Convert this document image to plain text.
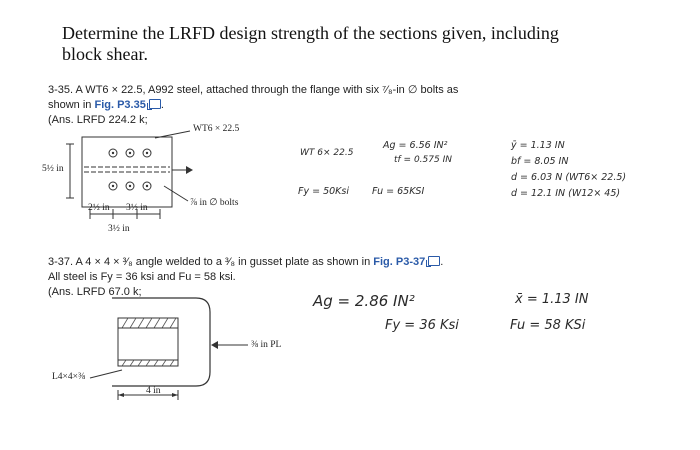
Determine the LRFD design strength of the sections given, including
block shear.
3-35. A WT6 × 22.5, A992 steel, attached through the flange with six ⁷⁄₈-in ∅ bolts as
shown in Fig. P3.35 .
(Ans. LRFD 224.2 k;
WT6 × 22.5
5½ in
⅞ in ∅ bolts
2½ in 3½ in
3½ in
WT 6× 22.5
Ag = 6.56 IN²
tf = 0.575 IN
Fy = 50Ksi Fu = 65KSI
ȳ = 1.13 IN
bf = 8.05 IN
d = 6.03 N (WT6× 22.5)
d = 12.1 IN (W12× 45)
3-37. A 4 × 4 × ³⁄₈ angle welded to a ³⁄₈ in gusset plate as shown in Fig. P3-37 .
All steel is Fy = 36 ksi and Fu = 58 ksi.
(Ans. LRFD 67.0 k;
⅜ in PL
L4×4×⅜
4 in
Ag = 2.86 IN²
Fy = 36 Ksi
x̄ = 1.13 IN
Fu = 58 KSi
